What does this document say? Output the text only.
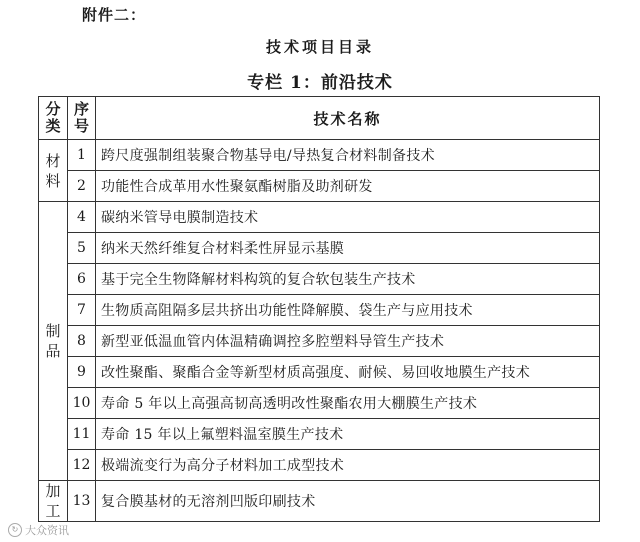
附件二：
技术项目目录
专栏 1：前沿技术
分类	序号	技术名称
材料	1	跨尺度强制组装聚合物基导电/导热复合材料制备技术
	2	功能性合成革用水性聚氨酯树脂及助剂研发
制品	4	碳纳米管导电膜制造技术
	5	纳米天然纤维复合材料柔性屏显示基膜
	6	基于完全生物降解材料构筑的复合软包装生产技术
	7	生物质高阻隔多层共挤出功能性降解膜、袋生产与应用技术
	8	新型亚低温血管内体温精确调控多腔塑料导管生产技术
	9	改性聚酯、聚酯合金等新型材质高强度、耐候、易回收地膜生产技术
	10	寿命 5 年以上高强高韧高透明改性聚酯农用大棚膜生产技术
	11	寿命 15 年以上氟塑料温室膜生产技术
	12	极端流变行为高分子材料加工成型技术
加工	13	复合膜基材的无溶剂凹版印刷技术
↻ 大众资讯
